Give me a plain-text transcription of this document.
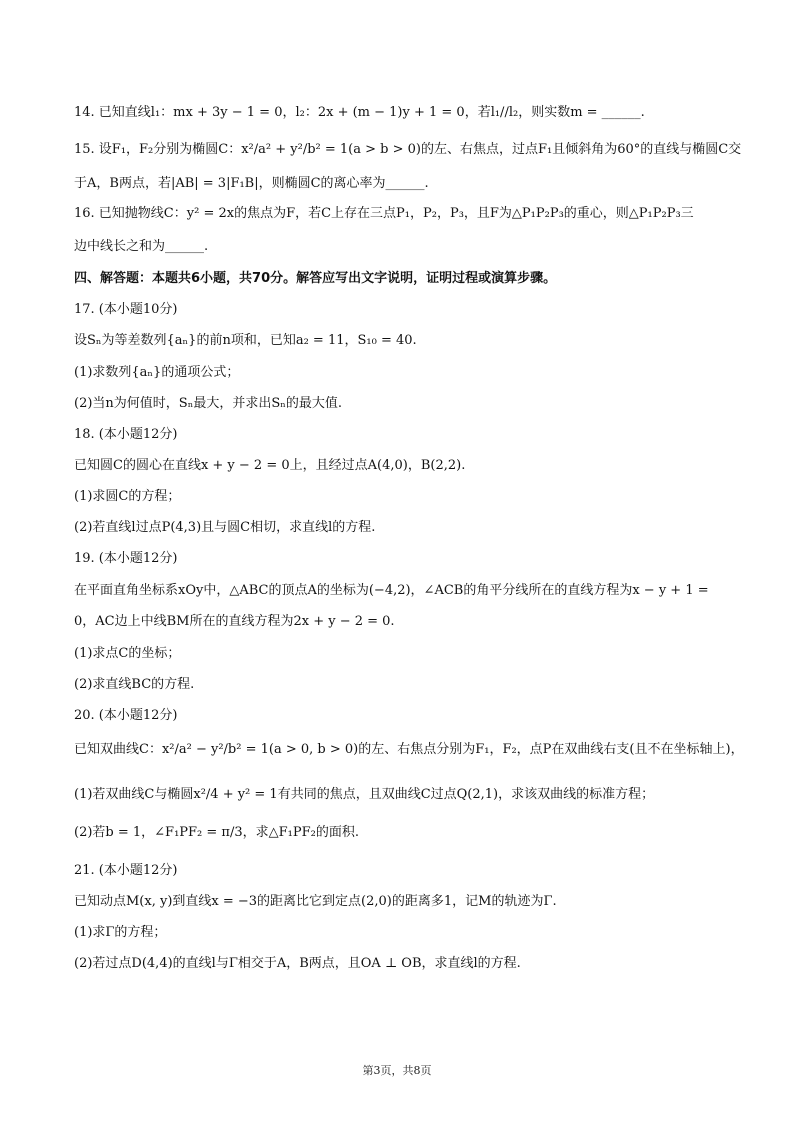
14. 已知直线l₁：mx + 3y − 1 = 0，l₂：2x + (m − 1)y + 1 = 0，若l₁//l₂，则实数m = ______.
15. 设F₁，F₂分别为椭圆C：x²/a² + y²/b² = 1(a > b > 0)的左、右焦点，过点F₁且倾斜角为60°的直线与椭圆C交
于A，B两点，若|AB| = 3|F₁B|，则椭圆C的离心率为______.
16. 已知抛物线C：y² = 2x的焦点为F，若C上存在三点P₁，P₂，P₃，且F为△P₁P₂P₃的重心，则△P₁P₂P₃三
边中线长之和为______.
四、解答题：本题共6小题，共70分。解答应写出文字说明，证明过程或演算步骤。
17. (本小题10分)
设Sₙ为等差数列{aₙ}的前n项和，已知a₂ = 11，S₁₀ = 40.
(1)求数列{aₙ}的通项公式；
(2)当n为何值时，Sₙ最大，并求出Sₙ的最大值.
18. (本小题12分)
已知圆C的圆心在直线x + y − 2 = 0上，且经过点A(4,0)，B(2,2).
(1)求圆C的方程；
(2)若直线l过点P(4,3)且与圆C相切，求直线l的方程.
19. (本小题12分)
在平面直角坐标系xOy中，△ABC的顶点A的坐标为(−4,2)，∠ACB的角平分线所在的直线方程为x − y + 1 =
0，AC边上中线BM所在的直线方程为2x + y − 2 = 0.
(1)求点C的坐标；
(2)求直线BC的方程.
20. (本小题12分)
已知双曲线C：x²/a² − y²/b² = 1(a > 0, b > 0)的左、右焦点分别为F₁，F₂，点P在双曲线右支(且不在坐标轴上)，
(1)若双曲线C与椭圆x²/4 + y² = 1有共同的焦点，且双曲线C过点Q(2,1)，求该双曲线的标准方程；
(2)若b = 1，∠F₁PF₂ = π/3，求△F₁PF₂的面积.
21. (本小题12分)
已知动点M(x, y)到直线x = −3的距离比它到定点(2,0)的距离多1，记M的轨迹为Γ.
(1)求Γ的方程；
(2)若过点D(4,4)的直线l与Γ相交于A，B两点，且OA ⊥ OB，求直线l的方程.
第3页，共8页
